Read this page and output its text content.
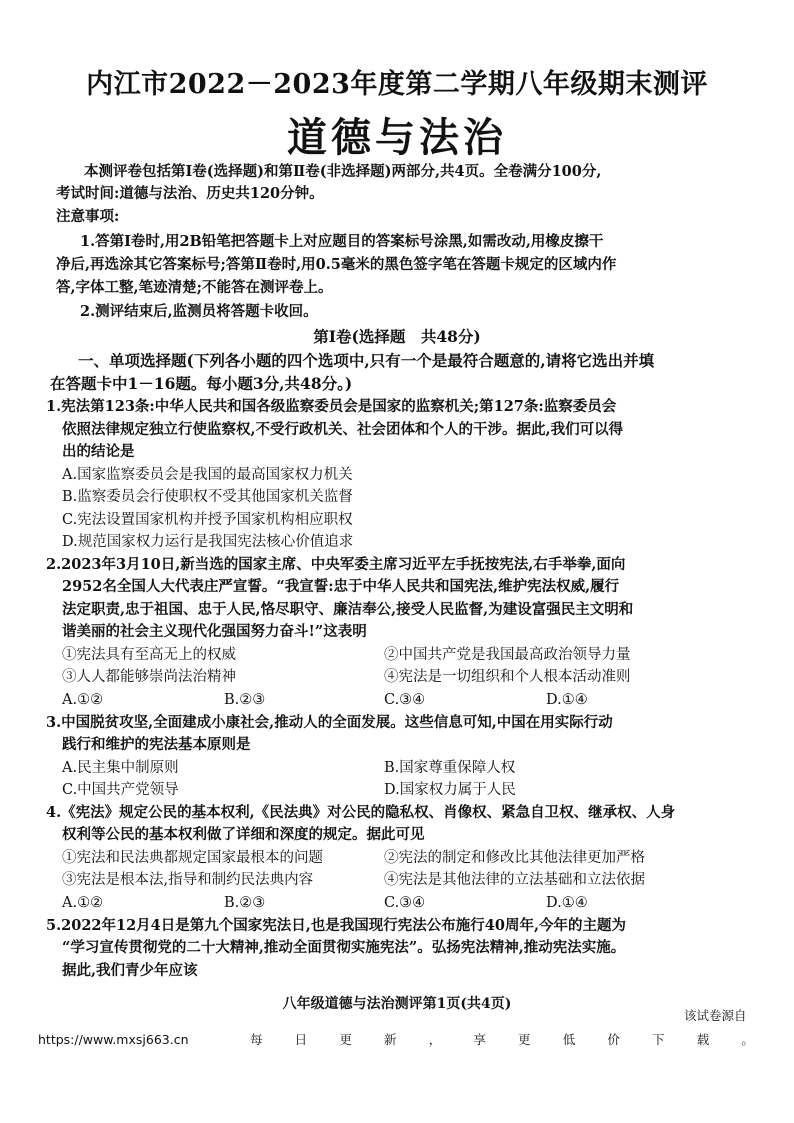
内江市2022－2023年度第二学期八年级期末测评
道德与法治
本测评卷包括第Ⅰ卷(选择题)和第Ⅱ卷(非选择题)两部分,共4页。全卷满分100分,
考试时间:道德与法治、历史共120分钟。
注意事项:
1.答第Ⅰ卷时,用2B铅笔把答题卡上对应题目的答案标号涂黑,如需改动,用橡皮擦干
净后,再选涂其它答案标号;答第Ⅱ卷时,用0.5毫米的黑色签字笔在答题卡规定的区域内作
答,字体工整,笔迹清楚;不能答在测评卷上。
2.测评结束后,监测员将答题卡收回。
第Ⅰ卷(选择题　共48分)
一、单项选择题(下列各小题的四个选项中,只有一个是最符合题意的,请将它选出并填
在答题卡中1－16题。每小题3分,共48分。)
1.宪法第123条:中华人民共和国各级监察委员会是国家的监察机关;第127条:监察委员会
依照法律规定独立行使监察权,不受行政机关、社会团体和个人的干涉。据此,我们可以得
出的结论是
A.国家监察委员会是我国的最高国家权力机关
B.监察委员会行使职权不受其他国家机关监督
C.宪法设置国家机构并授予国家机构相应职权
D.规范国家权力运行是我国宪法核心价值追求
2.2023年3月10日,新当选的国家主席、中央军委主席习近平左手抚按宪法,右手举拳,面向
2952名全国人大代表庄严宣誓。“我宣誓:忠于中华人民共和国宪法,维护宪法权威,履行
法定职责,忠于祖国、忠于人民,恪尽职守、廉洁奉公,接受人民监督,为建设富强民主文明和
谐美丽的社会主义现代化强国努力奋斗!”这表明
①宪法具有至高无上的权威	②中国共产党是我国最高政治领导力量
③人人都能够崇尚法治精神	④宪法是一切组织和个人根本活动准则
A.①②	B.②③	C.③④	D.①④
3.中国脱贫攻坚,全面建成小康社会,推动人的全面发展。这些信息可知,中国在用实际行动
践行和维护的宪法基本原则是
A.民主集中制原则	B.国家尊重保障人权
C.中国共产党领导	D.国家权力属于人民
4.《宪法》规定公民的基本权利,《民法典》对公民的隐私权、肖像权、紧急自卫权、继承权、人身
权利等公民的基本权利做了详细和深度的规定。据此可见
①宪法和民法典都规定国家最根本的问题	②宪法的制定和修改比其他法律更加严格
③宪法是根本法,指导和制约民法典内容	④宪法是其他法律的立法基础和立法依据
A.①②	B.②③	C.③④	D.①④
5.2022年12月4日是第九个国家宪法日,也是我国现行宪法公布施行40周年,今年的主题为
“学习宣传贯彻党的二十大精神,推动全面贯彻实施宪法”。弘扬宪法精神,推动宪法实施。
据此,我们青少年应该
八年级道德与法治测评第1页(共4页)
该试卷源自
https://www.mxsj663.cn	每	日	更	新	，	享	更	低	价	下	载	。
